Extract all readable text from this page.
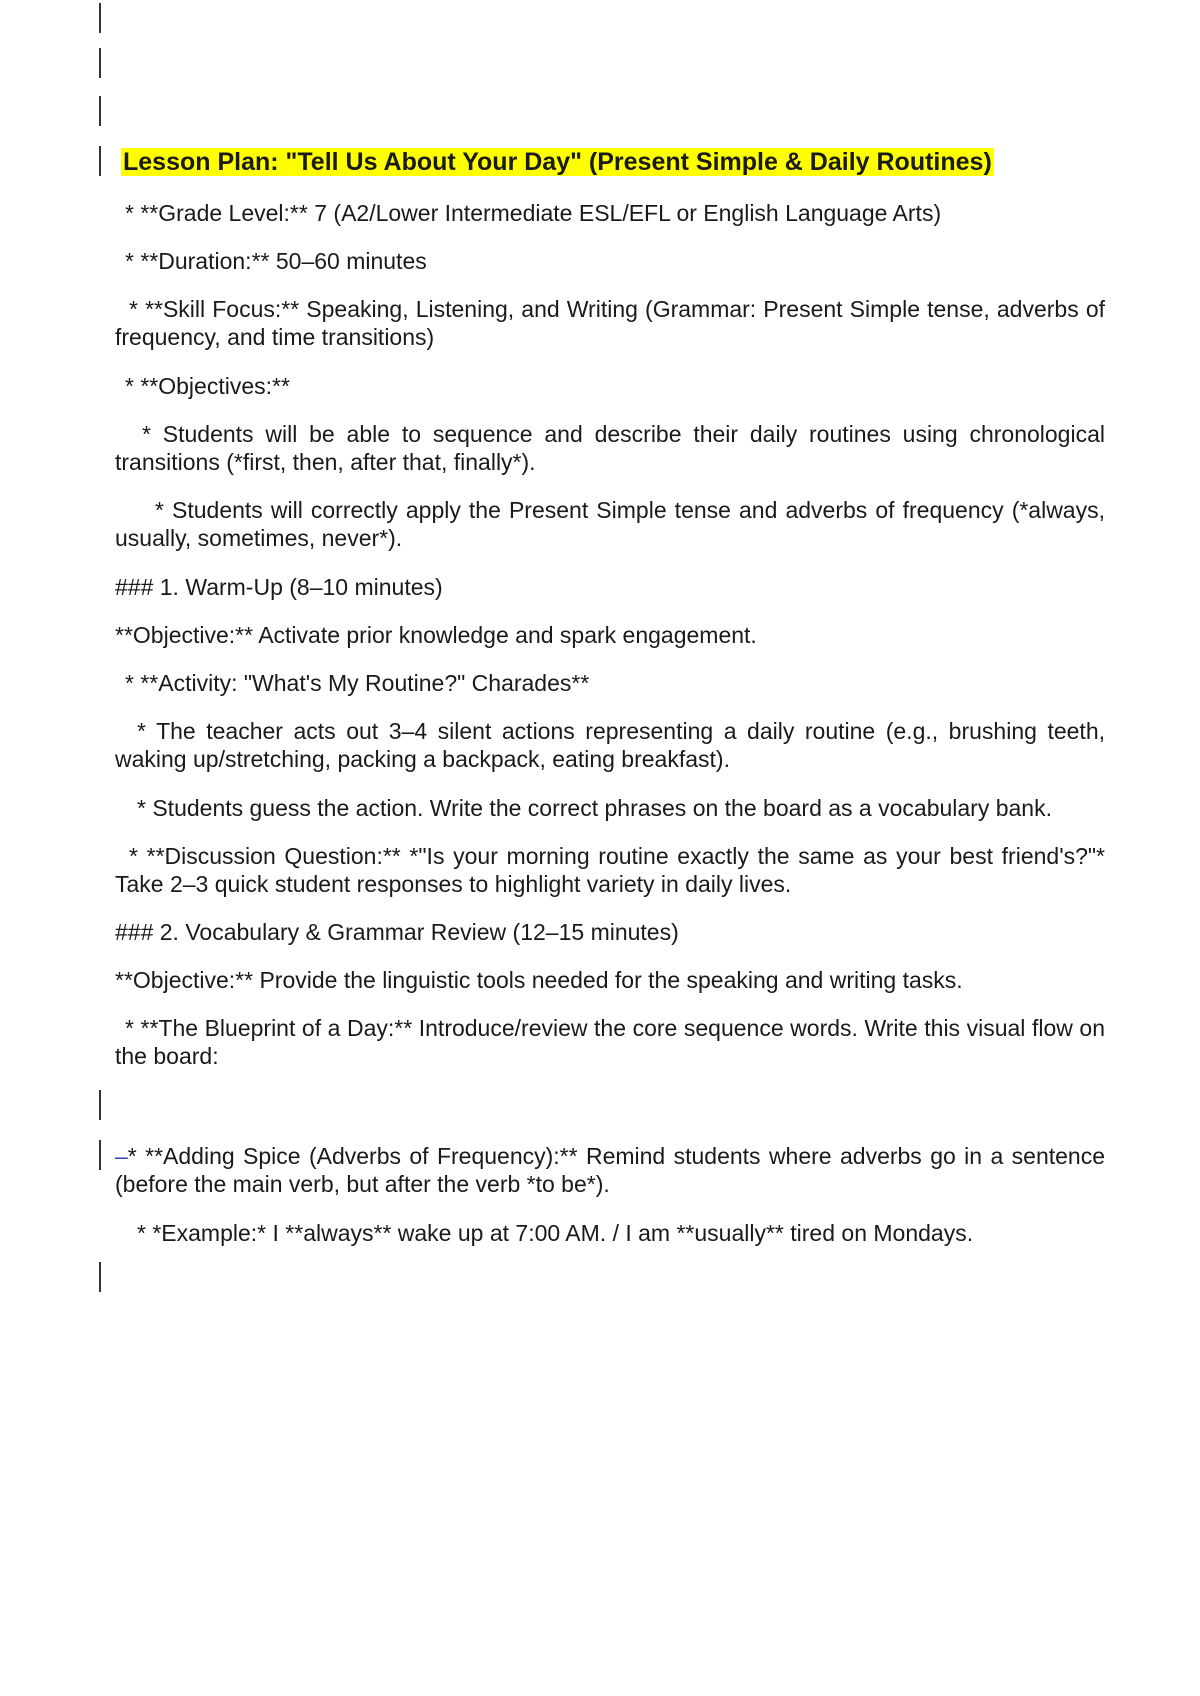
Lesson Plan: "Tell Us About Your Day" (Present Simple & Daily Routines)

* **Grade Level:** 7 (A2/Lower Intermediate ESL/EFL or English Language Arts)

* **Duration:** 50–60 minutes

* **Skill Focus:** Speaking, Listening, and Writing (Grammar: Present Simple tense, adverbs of frequency, and time transitions)

* **Objectives:**

* Students will be able to sequence and describe their daily routines using chronological transitions (*first, then, after that, finally*).

* Students will correctly apply the Present Simple tense and adverbs of frequency (*always, usually, sometimes, never*).

### 1. Warm-Up (8–10 minutes)

**Objective:** Activate prior knowledge and spark engagement.

* **Activity: "What's My Routine?" Charades**

* The teacher acts out 3–4 silent actions representing a daily routine (e.g., brushing teeth, waking up/stretching, packing a backpack, eating breakfast).

* Students guess the action. Write the correct phrases on the board as a vocabulary bank.

* **Discussion Question:** *"Is your morning routine exactly the same as your best friend's?"* Take 2–3 quick student responses to highlight variety in daily lives.

### 2. Vocabulary & Grammar Review (12–15 minutes)

**Objective:** Provide the linguistic tools needed for the speaking and writing tasks.

* **The Blueprint of a Day:** Introduce/review the core sequence words. Write this visual flow on the board:

–* **Adding Spice (Adverbs of Frequency):** Remind students where adverbs go in a sentence (before the main verb, but after the verb *to be*).

* *Example:* I **always** wake up at 7:00 AM. / I am **usually** tired on Mondays.
